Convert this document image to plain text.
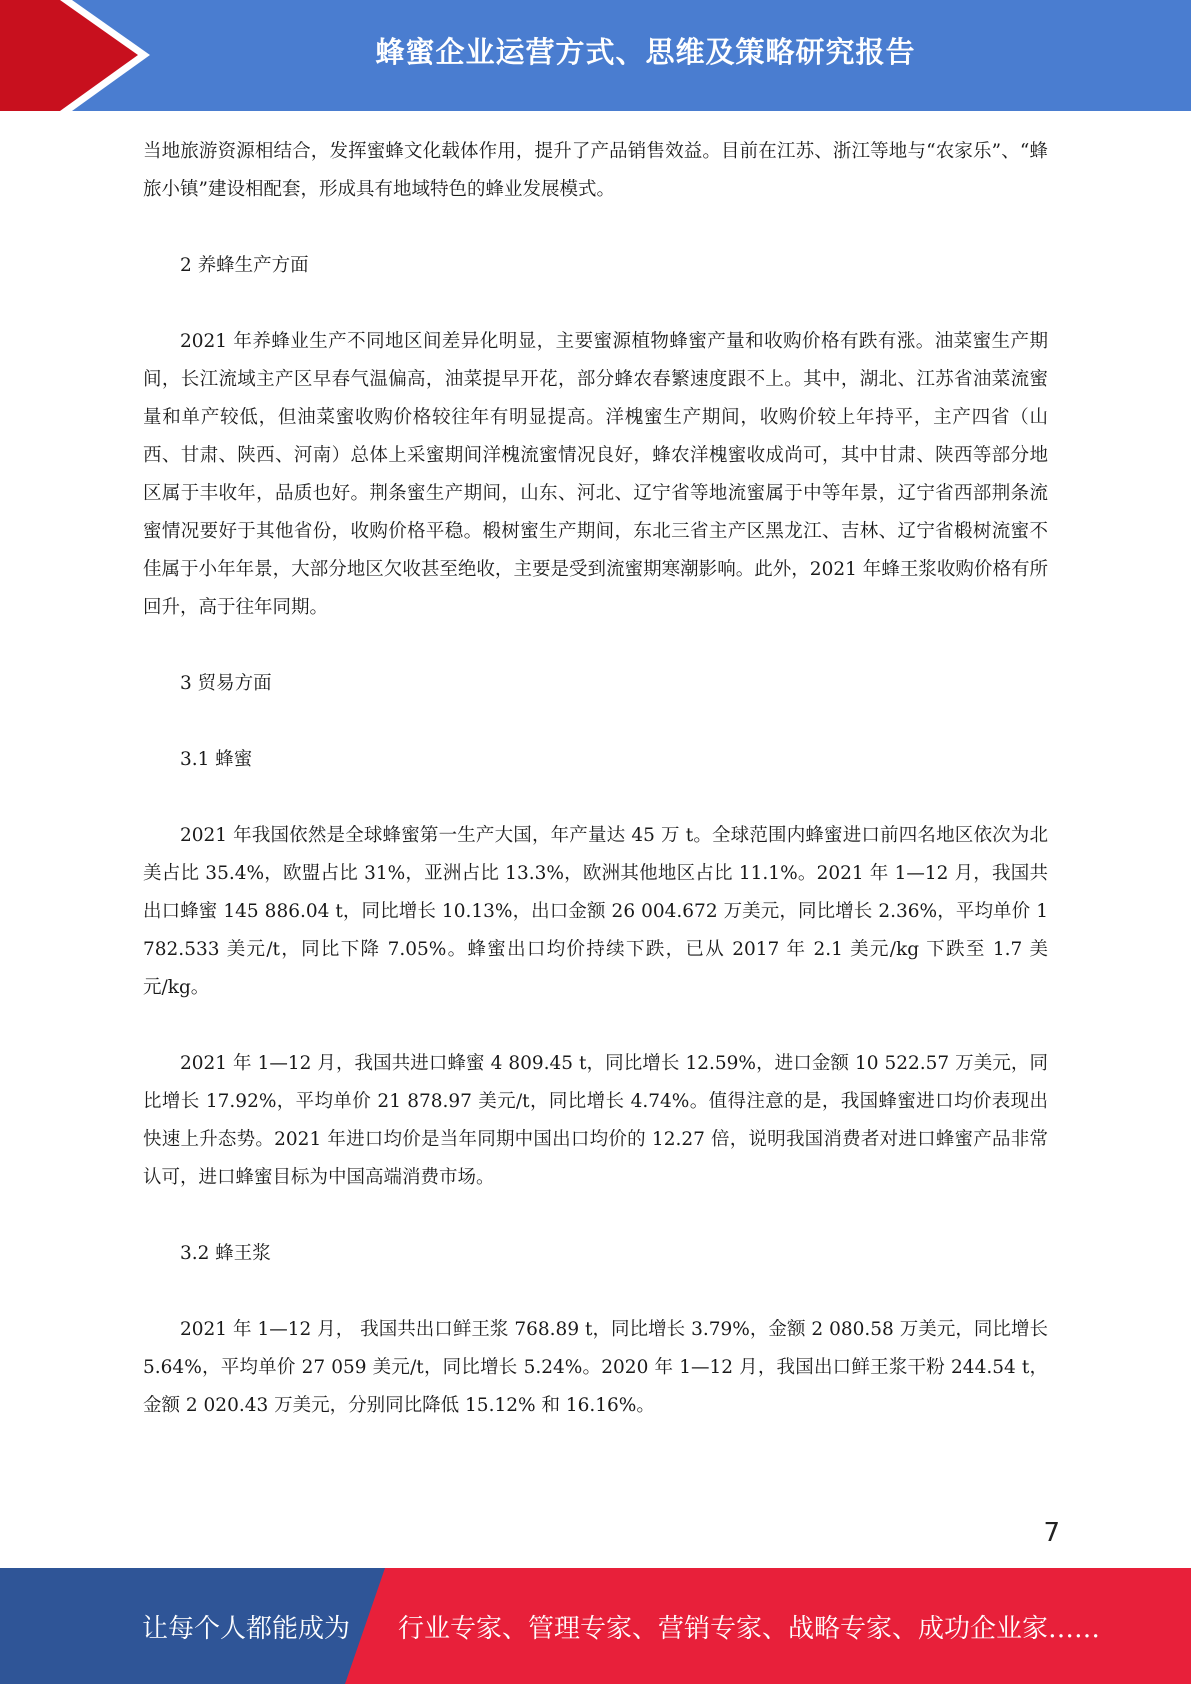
蜂蜜企业运营方式、思维及策略研究报告

当地旅游资源相结合，发挥蜜蜂文化载体作用，提升了产品销售效益。目前在江苏、浙江等地与“农家乐”、“蜂旅小镇”建设相配套，形成具有地域特色的蜂业发展模式。

2 养蜂生产方面

2021 年养蜂业生产不同地区间差异化明显，主要蜜源植物蜂蜜产量和收购价格有跌有涨。油菜蜜生产期间，长江流域主产区早春气温偏高，油菜提早开花，部分蜂农春繁速度跟不上。其中，湖北、江苏省油菜流蜜量和单产较低，但油菜蜜收购价格较往年有明显提高。洋槐蜜生产期间，收购价较上年持平，主产四省（山西、甘肃、陕西、河南）总体上采蜜期间洋槐流蜜情况良好，蜂农洋槐蜜收成尚可，其中甘肃、陕西等部分地区属于丰收年，品质也好。荆条蜜生产期间，山东、河北、辽宁省等地流蜜属于中等年景，辽宁省西部荆条流蜜情况要好于其他省份，收购价格平稳。椴树蜜生产期间，东北三省主产区黑龙江、吉林、辽宁省椴树流蜜不佳属于小年年景，大部分地区欠收甚至绝收，主要是受到流蜜期寒潮影响。此外，2021 年蜂王浆收购价格有所回升，高于往年同期。

3 贸易方面

3.1 蜂蜜

2021 年我国依然是全球蜂蜜第一生产大国，年产量达 45 万 t。全球范围内蜂蜜进口前四名地区依次为北美占比 35.4%，欧盟占比 31%，亚洲占比 13.3%，欧洲其他地区占比 11.1%。2021 年 1—12 月，我国共出口蜂蜜 145 886.04 t，同比增长 10.13%，出口金额 26 004.672 万美元，同比增长 2.36%，平均单价 1 782.533 美元/t，同比下降 7.05%。蜂蜜出口均价持续下跌，已从 2017 年 2.1 美元/kg 下跌至 1.7 美元/kg。

2021 年 1—12 月，我国共进口蜂蜜 4 809.45 t，同比增长 12.59%，进口金额 10 522.57 万美元，同比增长 17.92%，平均单价 21 878.97 美元/t，同比增长 4.74%。值得注意的是，我国蜂蜜进口均价表现出快速上升态势。2021 年进口均价是当年同期中国出口均价的 12.27 倍，说明我国消费者对进口蜂蜜产品非常认可，进口蜂蜜目标为中国高端消费市场。

3.2 蜂王浆

2021 年 1—12 月， 我国共出口鲜王浆 768.89 t，同比增长 3.79%，金额 2 080.58 万美元，同比增长 5.64%，平均单价 27 059 美元/t，同比增长 5.24%。2020 年 1—12 月，我国出口鲜王浆干粉 244.54 t，金额 2 020.43 万美元，分别同比降低 15.12% 和 16.16%。

7
让每个人都能成为 行业专家、管理专家、营销专家、战略专家、成功企业家……
